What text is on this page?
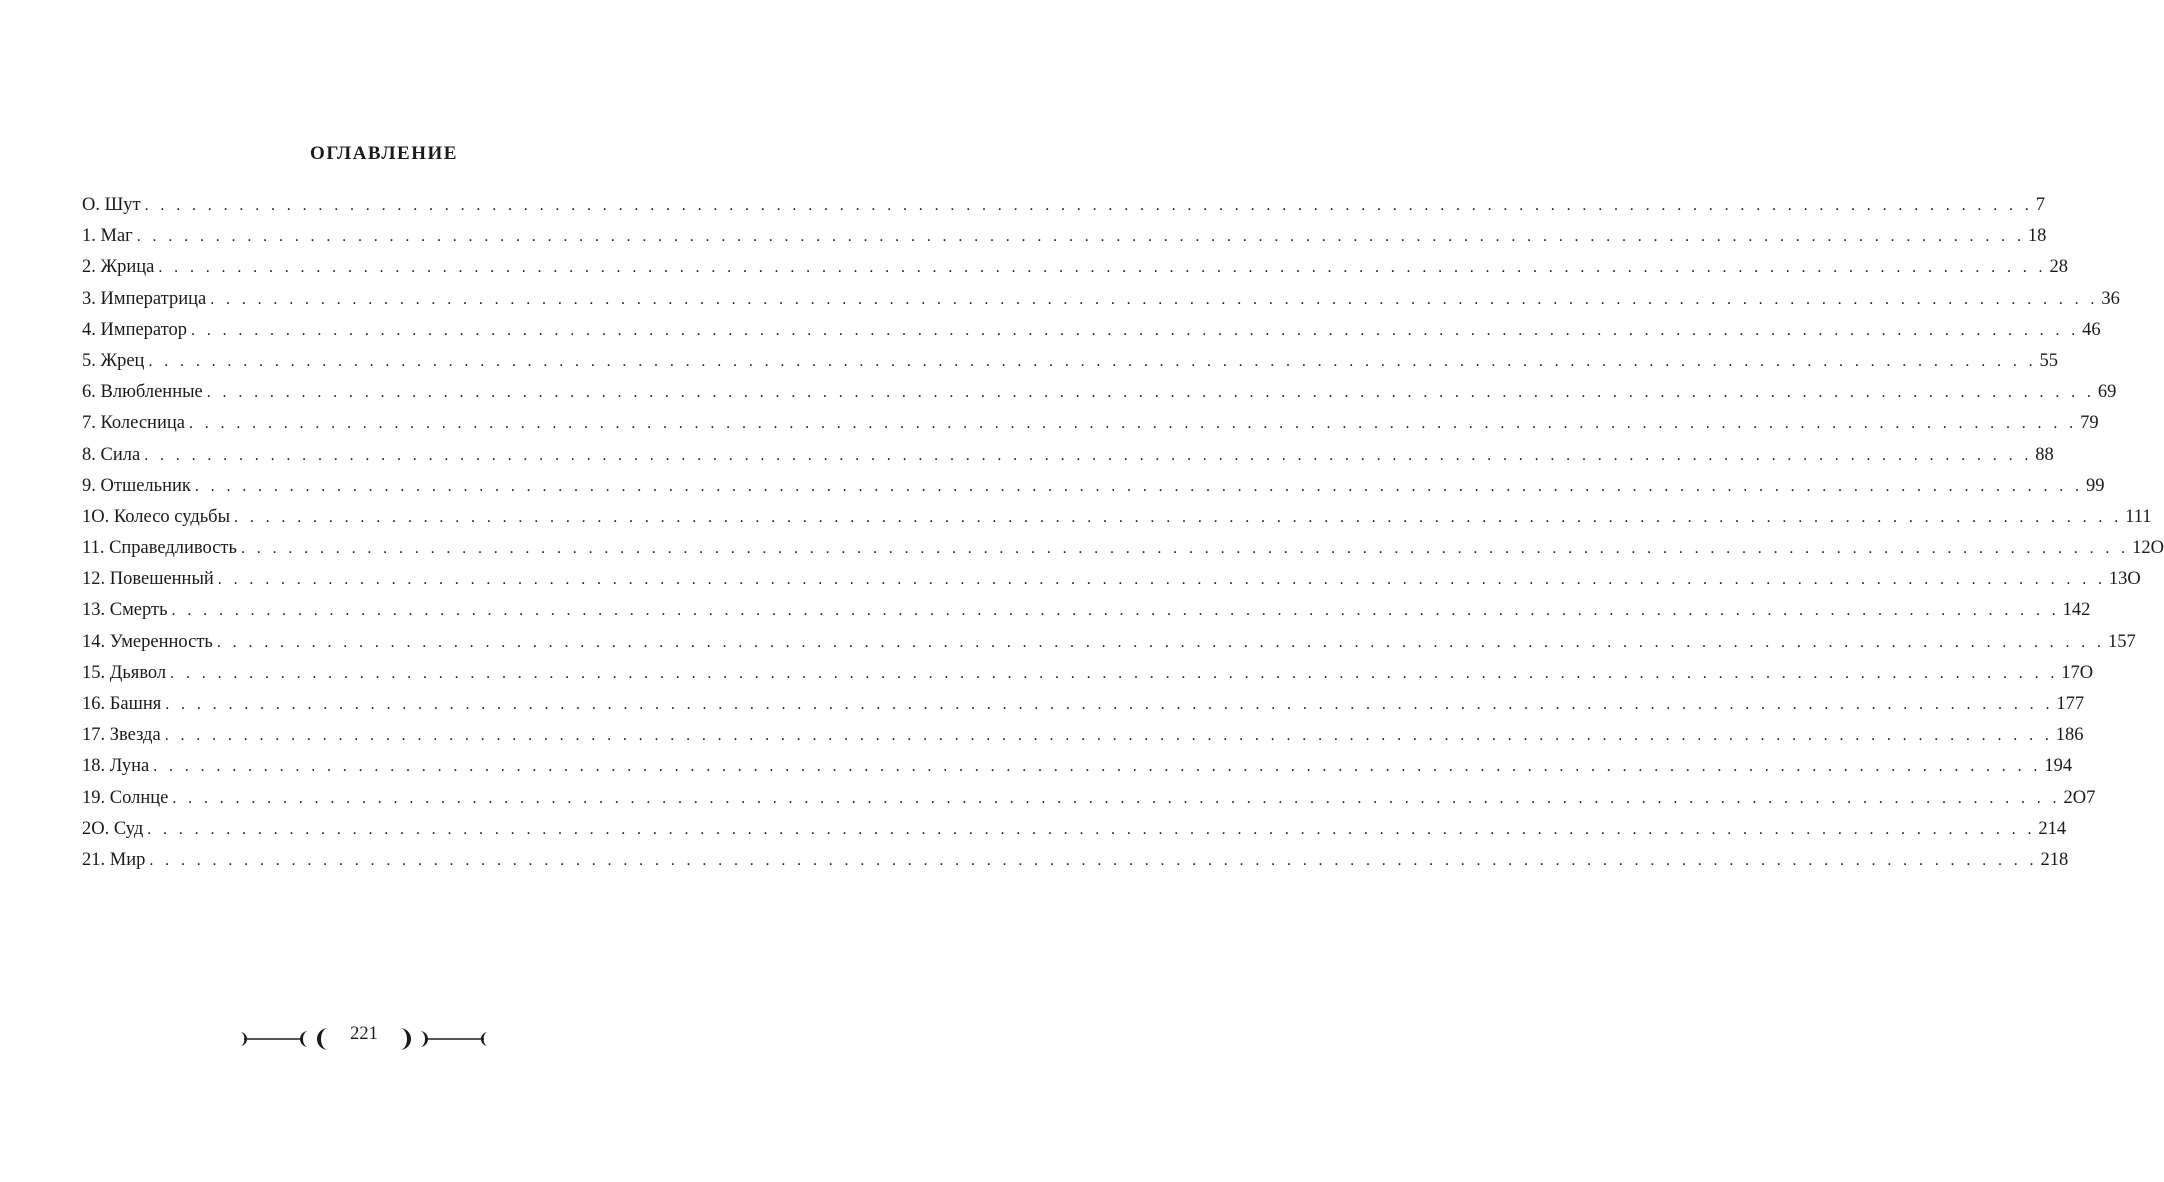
ОГЛАВЛЕНИЕ
O. Шут . . . . . . . . . . . . . . . . . . . . . . . . . . . . . . . . . . . . . . . . . . . . . . . . . . . . . . . . . . . . . . . . . . . . . . . . . . . . . . . . . . . . . . . . . . . . . . . . . . . . . . . . . . . . . . . . . . . . . . . . 7
1. Маг . . . . . . . . . . . . . . . . . . . . . . . . . . . . . . . . . . . . . . . . . . . . . . . . . . . . . . . . . . . . . . . . . . . . . . . . . . . . . . . . . . . . . . . . . . . . . . . . . . . . . . . . . . . . . . . . . . . . . . . . 18
2. Жрица . . . . . . . . . . . . . . . . . . . . . . . . . . . . . . . . . . . . . . . . . . . . . . . . . . . . . . . . . . . . . . . . . . . . . . . . . . . . . . . . . . . . . . . . . . . . . . . . . . . . . . . . . . . . . . . . . . . . . . . . 28
3. Императрица . . . . . . . . . . . . . . . . . . . . . . . . . . . . . . . . . . . . . . . . . . . . . . . . . . . . . . . . . . . . . . . . . . . . . . . . . . . . . . . . . . . . . . . . . . . . . . . . . . . . . . . . . . . . . . . . . . . . . . . . 36
4. Император . . . . . . . . . . . . . . . . . . . . . . . . . . . . . . . . . . . . . . . . . . . . . . . . . . . . . . . . . . . . . . . . . . . . . . . . . . . . . . . . . . . . . . . . . . . . . . . . . . . . . . . . . . . . . . . . . . . . . . . . 46
5. Жрец . . . . . . . . . . . . . . . . . . . . . . . . . . . . . . . . . . . . . . . . . . . . . . . . . . . . . . . . . . . . . . . . . . . . . . . . . . . . . . . . . . . . . . . . . . . . . . . . . . . . . . . . . . . . . . . . . . . . . . . . 55
6. Влюбленные . . . . . . . . . . . . . . . . . . . . . . . . . . . . . . . . . . . . . . . . . . . . . . . . . . . . . . . . . . . . . . . . . . . . . . . . . . . . . . . . . . . . . . . . . . . . . . . . . . . . . . . . . . . . . . . . . . . . . . . . 69
7. Колесница . . . . . . . . . . . . . . . . . . . . . . . . . . . . . . . . . . . . . . . . . . . . . . . . . . . . . . . . . . . . . . . . . . . . . . . . . . . . . . . . . . . . . . . . . . . . . . . . . . . . . . . . . . . . . . . . . . . . . . . . 79
8. Сила . . . . . . . . . . . . . . . . . . . . . . . . . . . . . . . . . . . . . . . . . . . . . . . . . . . . . . . . . . . . . . . . . . . . . . . . . . . . . . . . . . . . . . . . . . . . . . . . . . . . . . . . . . . . . . . . . . . . . . . . 88
9. Отшельник . . . . . . . . . . . . . . . . . . . . . . . . . . . . . . . . . . . . . . . . . . . . . . . . . . . . . . . . . . . . . . . . . . . . . . . . . . . . . . . . . . . . . . . . . . . . . . . . . . . . . . . . . . . . . . . . . . . . . . . . 99
1O. Колесо судьбы . . . . . . . . . . . . . . . . . . . . . . . . . . . . . . . . . . . . . . . . . . . . . . . . . . . . . . . . . . . . . . . . . . . . . . . . . . . . . . . . . . . . . . . . . . . . . . . . . . . . . . . . . . . . . . . . . . . . . . . . 111
11. Справедливость . . . . . . . . . . . . . . . . . . . . . . . . . . . . . . . . . . . . . . . . . . . . . . . . . . . . . . . . . . . . . . . . . . . . . . . . . . . . . . . . . . . . . . . . . . . . . . . . . . . . . . . . . . . . . . . . . . . . . . . . 12O
12. Повешенный . . . . . . . . . . . . . . . . . . . . . . . . . . . . . . . . . . . . . . . . . . . . . . . . . . . . . . . . . . . . . . . . . . . . . . . . . . . . . . . . . . . . . . . . . . . . . . . . . . . . . . . . . . . . . . . . . . . . . . . . 13O
13. Смерть . . . . . . . . . . . . . . . . . . . . . . . . . . . . . . . . . . . . . . . . . . . . . . . . . . . . . . . . . . . . . . . . . . . . . . . . . . . . . . . . . . . . . . . . . . . . . . . . . . . . . . . . . . . . . . . . . . . . . . . . 142
14. Умеренность . . . . . . . . . . . . . . . . . . . . . . . . . . . . . . . . . . . . . . . . . . . . . . . . . . . . . . . . . . . . . . . . . . . . . . . . . . . . . . . . . . . . . . . . . . . . . . . . . . . . . . . . . . . . . . . . . . . . . . . . 157
15. Дьявол . . . . . . . . . . . . . . . . . . . . . . . . . . . . . . . . . . . . . . . . . . . . . . . . . . . . . . . . . . . . . . . . . . . . . . . . . . . . . . . . . . . . . . . . . . . . . . . . . . . . . . . . . . . . . . . . . . . . . . . . 17O
16. Башня . . . . . . . . . . . . . . . . . . . . . . . . . . . . . . . . . . . . . . . . . . . . . . . . . . . . . . . . . . . . . . . . . . . . . . . . . . . . . . . . . . . . . . . . . . . . . . . . . . . . . . . . . . . . . . . . . . . . . . . . 177
17. Звезда . . . . . . . . . . . . . . . . . . . . . . . . . . . . . . . . . . . . . . . . . . . . . . . . . . . . . . . . . . . . . . . . . . . . . . . . . . . . . . . . . . . . . . . . . . . . . . . . . . . . . . . . . . . . . . . . . . . . . . . . 186
18. Луна . . . . . . . . . . . . . . . . . . . . . . . . . . . . . . . . . . . . . . . . . . . . . . . . . . . . . . . . . . . . . . . . . . . . . . . . . . . . . . . . . . . . . . . . . . . . . . . . . . . . . . . . . . . . . . . . . . . . . . . . 194
19. Солнце . . . . . . . . . . . . . . . . . . . . . . . . . . . . . . . . . . . . . . . . . . . . . . . . . . . . . . . . . . . . . . . . . . . . . . . . . . . . . . . . . . . . . . . . . . . . . . . . . . . . . . . . . . . . . . . . . . . . . . . . 2O7
2O. Суд . . . . . . . . . . . . . . . . . . . . . . . . . . . . . . . . . . . . . . . . . . . . . . . . . . . . . . . . . . . . . . . . . . . . . . . . . . . . . . . . . . . . . . . . . . . . . . . . . . . . . . . . . . . . . . . . . . . . . . . . 214
21. Мир . . . . . . . . . . . . . . . . . . . . . . . . . . . . . . . . . . . . . . . . . . . . . . . . . . . . . . . . . . . . . . . . . . . . . . . . . . . . . . . . . . . . . . . . . . . . . . . . . . . . . . . . . . . . . . . . . . . . . . . . 218
221
